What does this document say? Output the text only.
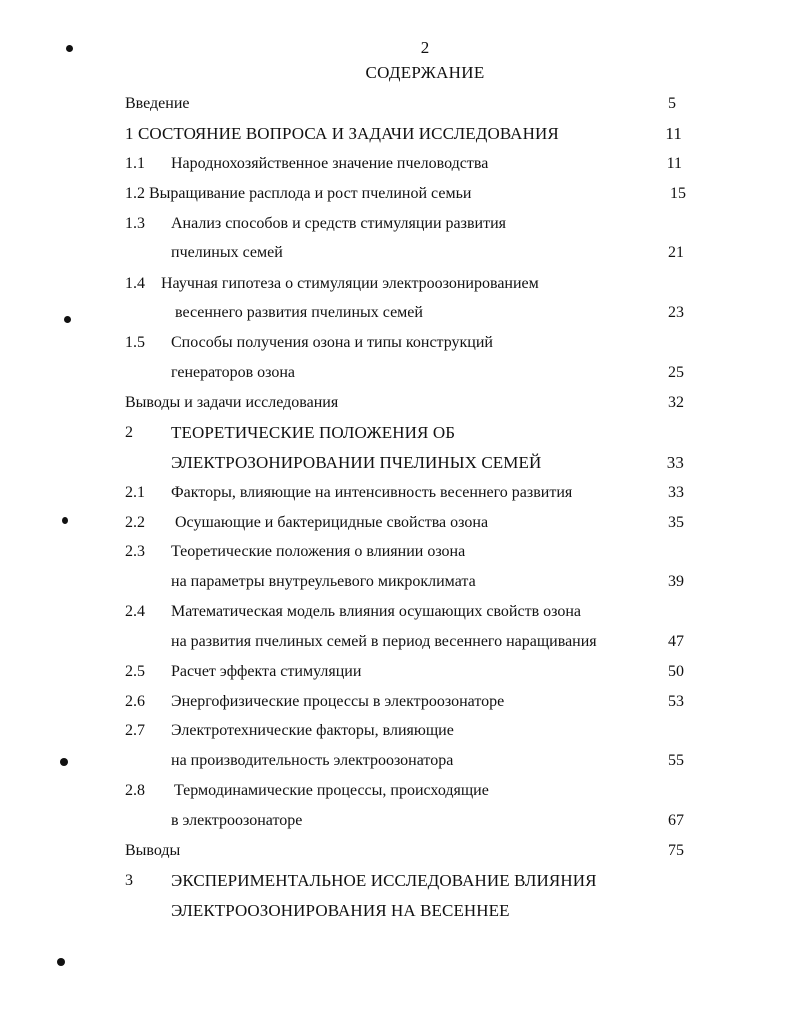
2
СОДЕРЖАНИЕ
Введение	5
1 СОСТОЯНИЕ ВОПРОСА И ЗАДАЧИ ИССЛЕДОВАНИЯ	11
1.1 Народнохозяйственное значение пчеловодства	11
1.2 Выращивание расплода и рост пчелиной семьи	15
1.3 Анализ способов и средств стимуляции развития
пчелиных семей	21
1.4 Научная гипотеза о стимуляции электроозонированием
весеннего развития пчелиных семей	23
1.5 Способы получения озона и типы конструкций
генераторов озона	25
Выводы и задачи исследования	32
2 ТЕОРЕТИЧЕСКИЕ ПОЛОЖЕНИЯ ОБ
ЭЛЕКТРОЗОНИРОВАНИИ ПЧЕЛИНЫХ СЕМЕЙ	33
2.1 Факторы, влияющие на интенсивность весеннего развития	33
2.2 Осушающие и бактерицидные свойства озона	35
2.3 Теоретические положения о влиянии озона
на параметры внутреульевого микроклимата	39
2.4 Математическая модель влияния осушающих свойств озона
на развития пчелиных семей в период весеннего наращивания	47
2.5 Расчет эффекта стимуляции	50
2.6 Энергофизические процессы в электроозонаторе	53
2.7 Электротехнические факторы, влияющие
на производительность электроозонатора	55
2.8 Термодинамические процессы, происходящие
в электроозонаторе	67
Выводы	75
3 ЭКСПЕРИМЕНТАЛЬНОЕ ИССЛЕДОВАНИЕ ВЛИЯНИЯ
ЭЛЕКТРООЗОНИРОВАНИЯ НА ВЕСЕННЕЕ
